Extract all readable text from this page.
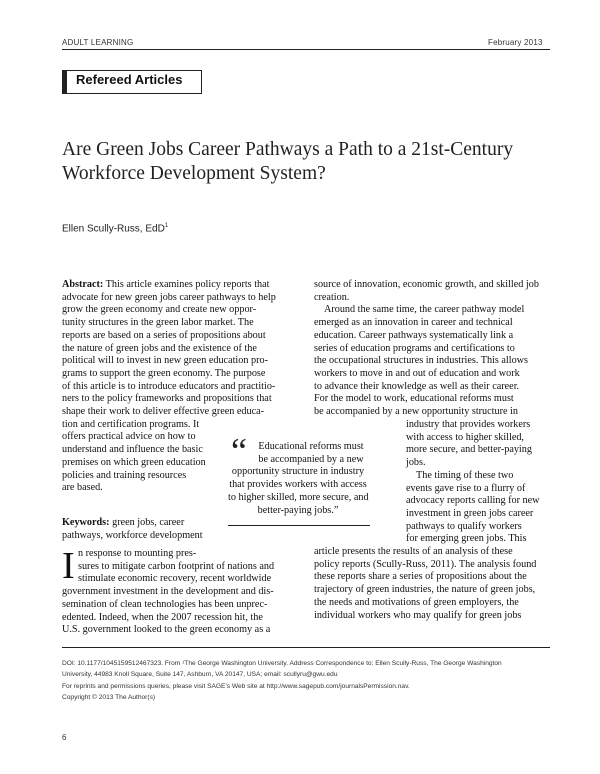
ADULT LEARNING	February 2013
Refereed Articles
Are Green Jobs Career Pathways a Path to a 21st-Century
Workforce Development System?
Ellen Scully-Russ, EdD$^1$
Abstract: This article examines policy reports that
advocate for new green jobs career pathways to help
grow the green economy and create new oppor-
tunity structures in the green labor market. The
reports are based on a series of propositions about
the nature of green jobs and the existence of the
political will to invest in new green education pro-
grams to support the green economy. The purpose
of this article is to introduce educators and practitio-
ners to the policy frameworks and propositions that
shape their work to deliver effective green educa-
tion and certification programs. It
offers practical advice on how to
understand and influence the basic
premises on which green education
policies and training resources
are based.
Keywords: green jobs, career
pathways, workforce development
“	Educational reforms must
be accompanied by a new
opportunity structure in industry
that provides workers with access
to higher skilled, more secure, and
better-paying jobs.”
I n response to mounting pres-
sures to mitigate carbon footprint of nations and
stimulate economic recovery, recent worldwide
government investment in the development and dis-
semination of clean technologies has been unprec-
edented. Indeed, when the 2007 recession hit, the
U.S. government looked to the green economy as a
source of innovation, economic growth, and skilled job
creation.
Around the same time, the career pathway model
emerged as an innovation in career and technical
education. Career pathways systematically link a
series of education programs and certifications to
the occupational structures in industries. This allows
workers to move in and out of education and work
to advance their knowledge as well as their career.
For the model to work, educational reforms must
be accompanied by a new opportunity structure in
industry that provides workers
with access to higher skilled,
more secure, and better-paying
jobs.
The timing of these two
events gave rise to a flurry of
advocacy reports calling for new
investment in green jobs career
pathways to qualify workers
for emerging green jobs. This
article presents the results of an analysis of these
policy reports (Scully-Russ, 2011). The analysis found
these reports share a series of propositions about the
trajectory of green industries, the nature of green jobs,
the needs and motivations of green employers, the
individual workers who may qualify for green jobs
DOI: 10.1177/1045159512467323. From ¹The George Washington University. Address Correspondence to: Ellen Scully-Russ, The George Washington
University, 44983 Knoll Square, Suite 147, Ashburn, VA 20147, USA; email: scullyru@gwu.edu
For reprints and permissions queries, please visit SAGE's Web site at http://www.sagepub.com/journalsPermission.nav.
Copyright © 2013 The Author(s)
6
